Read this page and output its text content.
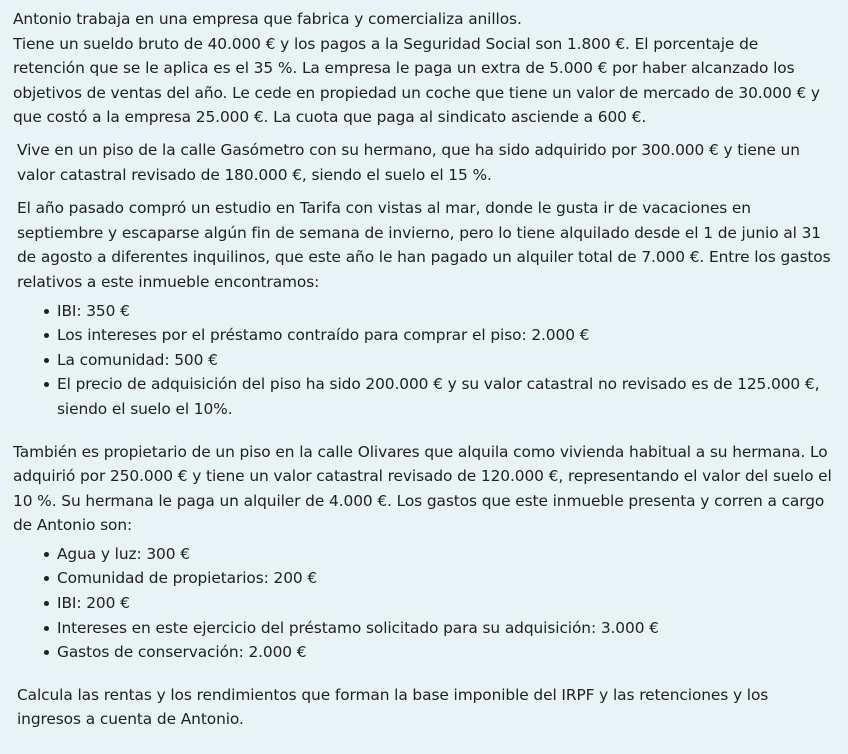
Antonio trabaja en una empresa que fabrica y comercializa anillos.

Tiene un sueldo bruto de 40.000 € y los pagos a la Seguridad Social son 1.800 €. El porcentaje de retención que se le aplica es el 35 %. La empresa le paga un extra de 5.000 € por haber alcanzado los objetivos de ventas del año. Le cede en propiedad un coche que tiene un valor de mercado de 30.000 € y que costó a la empresa 25.000 €. La cuota que paga al sindicato asciende a 600 €.

Vive en un piso de la calle Gasómetro con su hermano, que ha sido adquirido por 300.000 € y tiene un valor catastral revisado de 180.000 €, siendo el suelo el 15 %.

El año pasado compró un estudio en Tarifa con vistas al mar, donde le gusta ir de vacaciones en septiembre y escaparse algún fin de semana de invierno, pero lo tiene alquilado desde el 1 de junio al 31 de agosto a diferentes inquilinos, que este año le han pagado un alquiler total de 7.000 €. Entre los gastos relativos a este inmueble encontramos:

IBI: 350 €
Los intereses por el préstamo contraído para comprar el piso: 2.000 €
La comunidad: 500 €
El precio de adquisición del piso ha sido 200.000 € y su valor catastral no revisado es de 125.000 €, siendo el suelo el 10%.

También es propietario de un piso en la calle Olivares que alquila como vivienda habitual a su hermana. Lo adquirió por 250.000 € y tiene un valor catastral revisado de 120.000 €, representando el valor del suelo el 10 %. Su hermana le paga un alquiler de 4.000 €. Los gastos que este inmueble presenta y corren a cargo de Antonio son:

Agua y luz: 300 €
Comunidad de propietarios: 200 €
IBI: 200 €
Intereses en este ejercicio del préstamo solicitado para su adquisición: 3.000 €
Gastos de conservación: 2.000 €

Calcula las rentas y los rendimientos que forman la base imponible del IRPF y las retenciones y los ingresos a cuenta de Antonio.
